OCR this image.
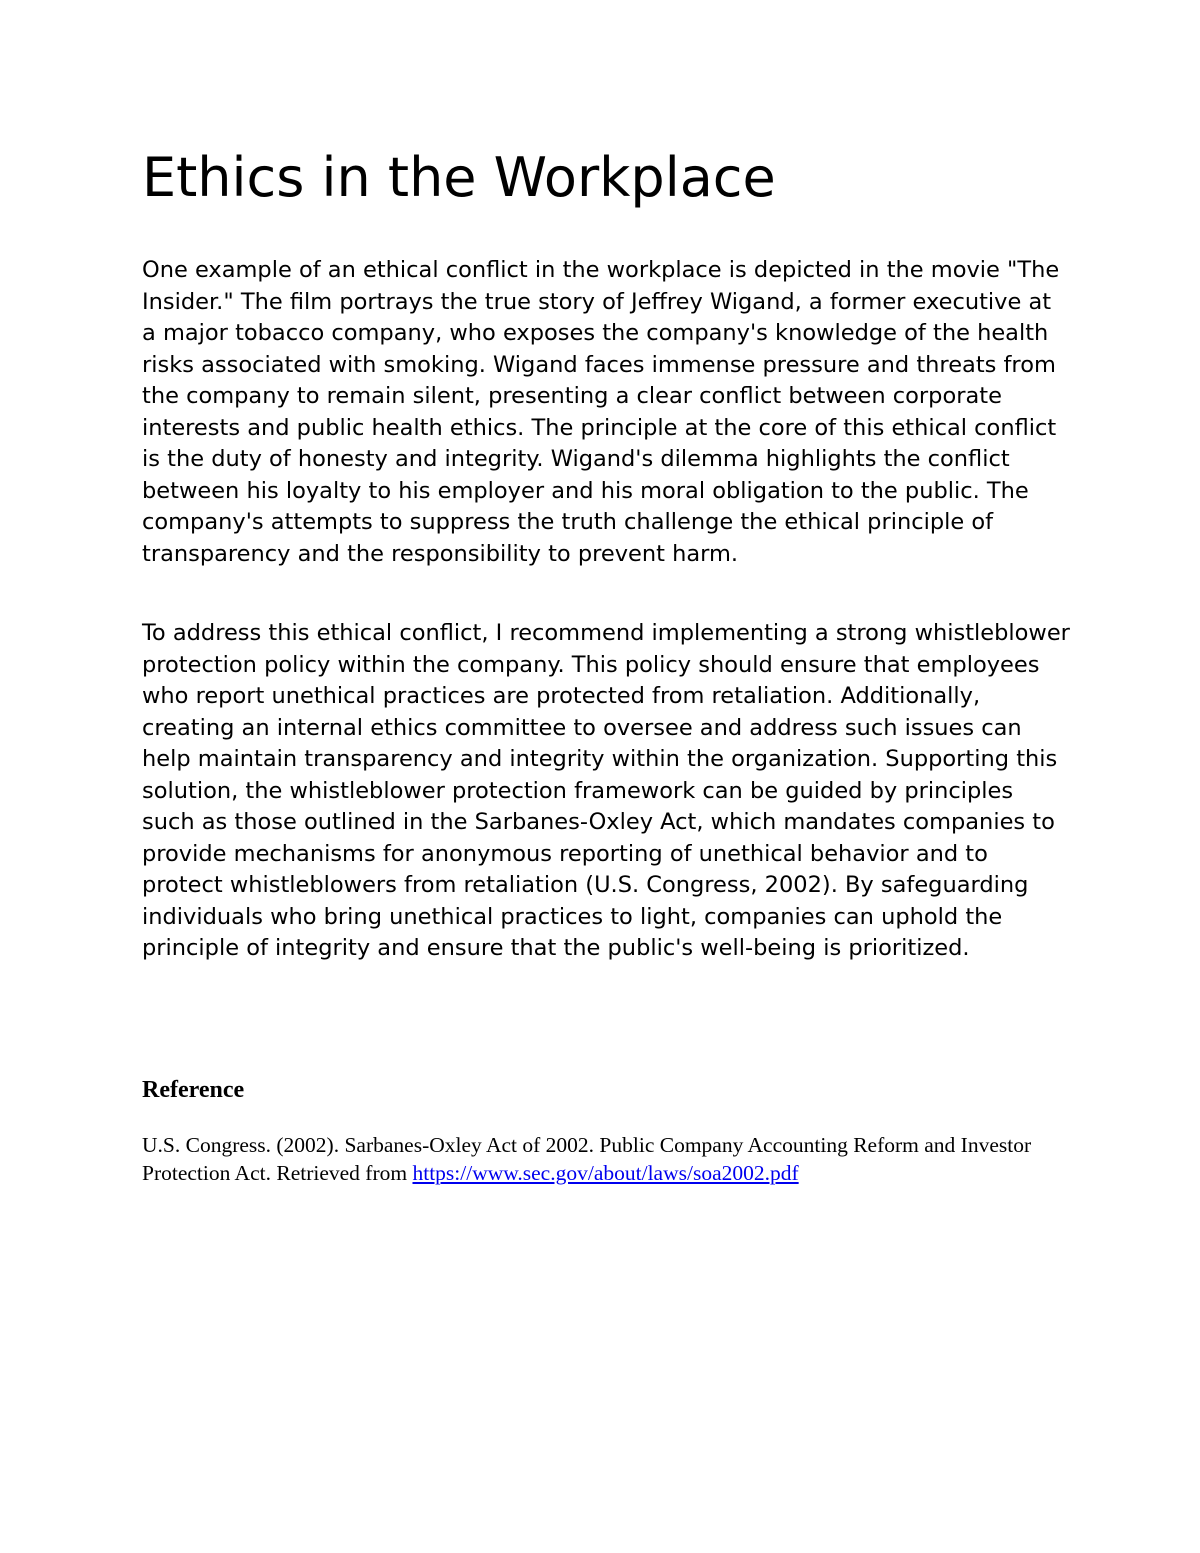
Ethics in the Workplace

One example of an ethical conflict in the workplace is depicted in the movie "The Insider." The film portrays the true story of Jeffrey Wigand, a former executive at a major tobacco company, who exposes the company's knowledge of the health risks associated with smoking. Wigand faces immense pressure and threats from the company to remain silent, presenting a clear conflict between corporate interests and public health ethics. The principle at the core of this ethical conflict is the duty of honesty and integrity. Wigand's dilemma highlights the conflict between his loyalty to his employer and his moral obligation to the public. The company's attempts to suppress the truth challenge the ethical principle of transparency and the responsibility to prevent harm.

To address this ethical conflict, I recommend implementing a strong whistleblower protection policy within the company. This policy should ensure that employees who report unethical practices are protected from retaliation. Additionally, creating an internal ethics committee to oversee and address such issues can help maintain transparency and integrity within the organization. Supporting this solution, the whistleblower protection framework can be guided by principles such as those outlined in the Sarbanes-Oxley Act, which mandates companies to provide mechanisms for anonymous reporting of unethical behavior and to protect whistleblowers from retaliation (U.S. Congress, 2002). By safeguarding individuals who bring unethical practices to light, companies can uphold the principle of integrity and ensure that the public's well-being is prioritized.

Reference

U.S. Congress. (2002). Sarbanes-Oxley Act of 2002. Public Company Accounting Reform and Investor Protection Act. Retrieved from https://www.sec.gov/about/laws/soa2002.pdf
